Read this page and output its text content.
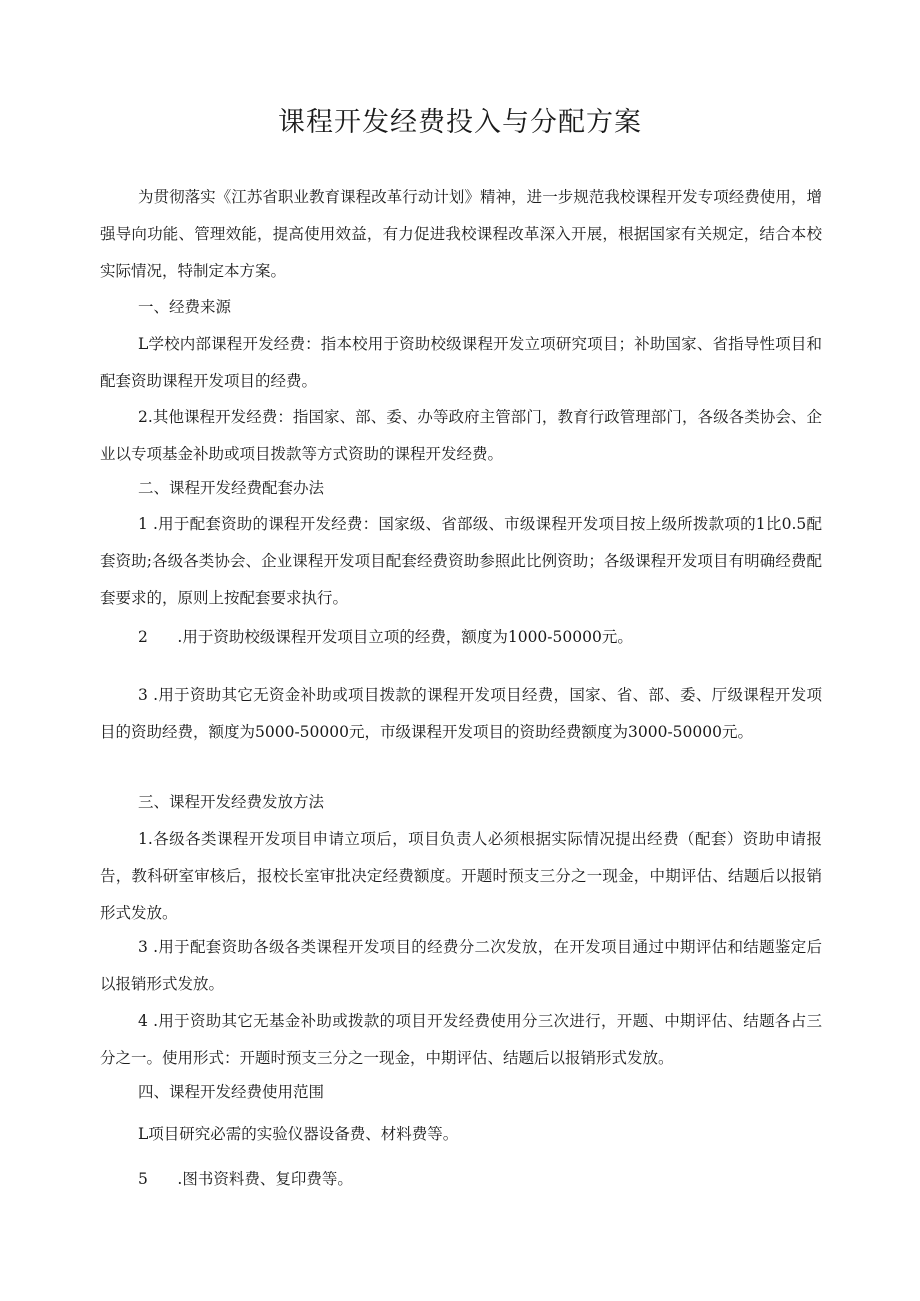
课程开发经费投入与分配方案

为贯彻落实《江苏省职业教育课程改革行动计划》精神，进一步规范我校课程开发专项经费使用，增强导向功能、管理效能，提高使用效益，有力促进我校课程改革深入开展，根据国家有关规定，结合本校实际情况，特制定本方案。

一、经费来源

L学校内部课程开发经费：指本校用于资助校级课程开发立项研究项目；补助国家、省指导性项目和配套资助课程开发项目的经费。

2.其他课程开发经费：指国家、部、委、办等政府主管部门，教育行政管理部门，各级各类协会、企业以专项基金补助或项目拨款等方式资助的课程开发经费。

二、课程开发经费配套办法

1 .用于配套资助的课程开发经费：国家级、省部级、市级课程开发项目按上级所拨款项的1比0.5配套资助;各级各类协会、企业课程开发项目配套经费资助参照此比例资助；各级课程开发项目有明确经费配套要求的，原则上按配套要求执行。

2      .用于资助校级课程开发项目立项的经费，额度为1000-50000元。

3 .用于资助其它无资金补助或项目拨款的课程开发项目经费，国家、省、部、委、厅级课程开发项目的资助经费，额度为5000-50000元，市级课程开发项目的资助经费额度为3000-50000元。

三、课程开发经费发放方法

1.各级各类课程开发项目申请立项后，项目负责人必须根据实际情况提出经费（配套）资助申请报告，教科研室审核后，报校长室审批决定经费额度。开题时预支三分之一现金，中期评估、结题后以报销形式发放。

3 .用于配套资助各级各类课程开发项目的经费分二次发放，在开发项目通过中期评估和结题鉴定后以报销形式发放。

4 .用于资助其它无基金补助或拨款的项目开发经费使用分三次进行，开题、中期评估、结题各占三分之一。使用形式：开题时预支三分之一现金，中期评估、结题后以报销形式发放。

四、课程开发经费使用范围

L项目研究必需的实验仪器设备费、材料费等。

5      .图书资料费、复印费等。
